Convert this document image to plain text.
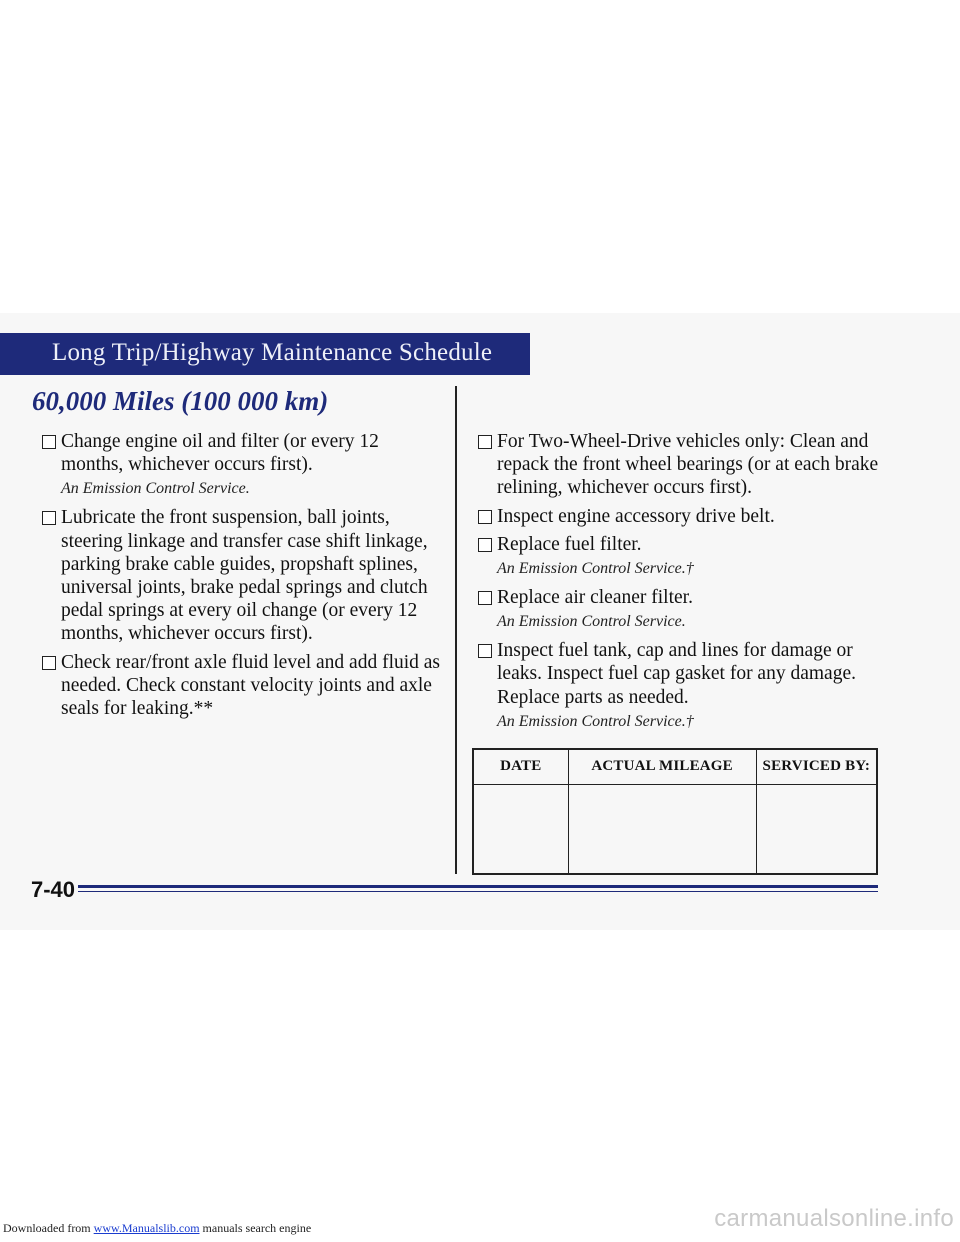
Long Trip/Highway Maintenance Schedule
60,000 Miles (100 000 km)
Change engine oil and filter (or every 12 months, whichever occurs first).
An Emission Control Service.
Lubricate the front suspension, ball joints, steering linkage and transfer case shift linkage, parking brake cable guides, propshaft splines, universal joints, brake pedal springs and clutch pedal springs at every oil change (or every 12 months, whichever occurs first).
Check rear/front axle fluid level and add fluid as needed. Check constant velocity joints and axle seals for leaking.**
For Two-Wheel-Drive vehicles only: Clean and repack the front wheel bearings (or at each brake relining, whichever occurs first).
Inspect engine accessory drive belt.
Replace fuel filter.
An Emission Control Service.†
Replace air cleaner filter.
An Emission Control Service.
Inspect fuel tank, cap and lines for damage or leaks. Inspect fuel cap gasket for any damage. Replace parts as needed.
An Emission Control Service.†
DATE	ACTUAL MILEAGE	SERVICED BY:

7-40
Downloaded from www.Manualslib.com manuals search engine	carmanualsonline.info
